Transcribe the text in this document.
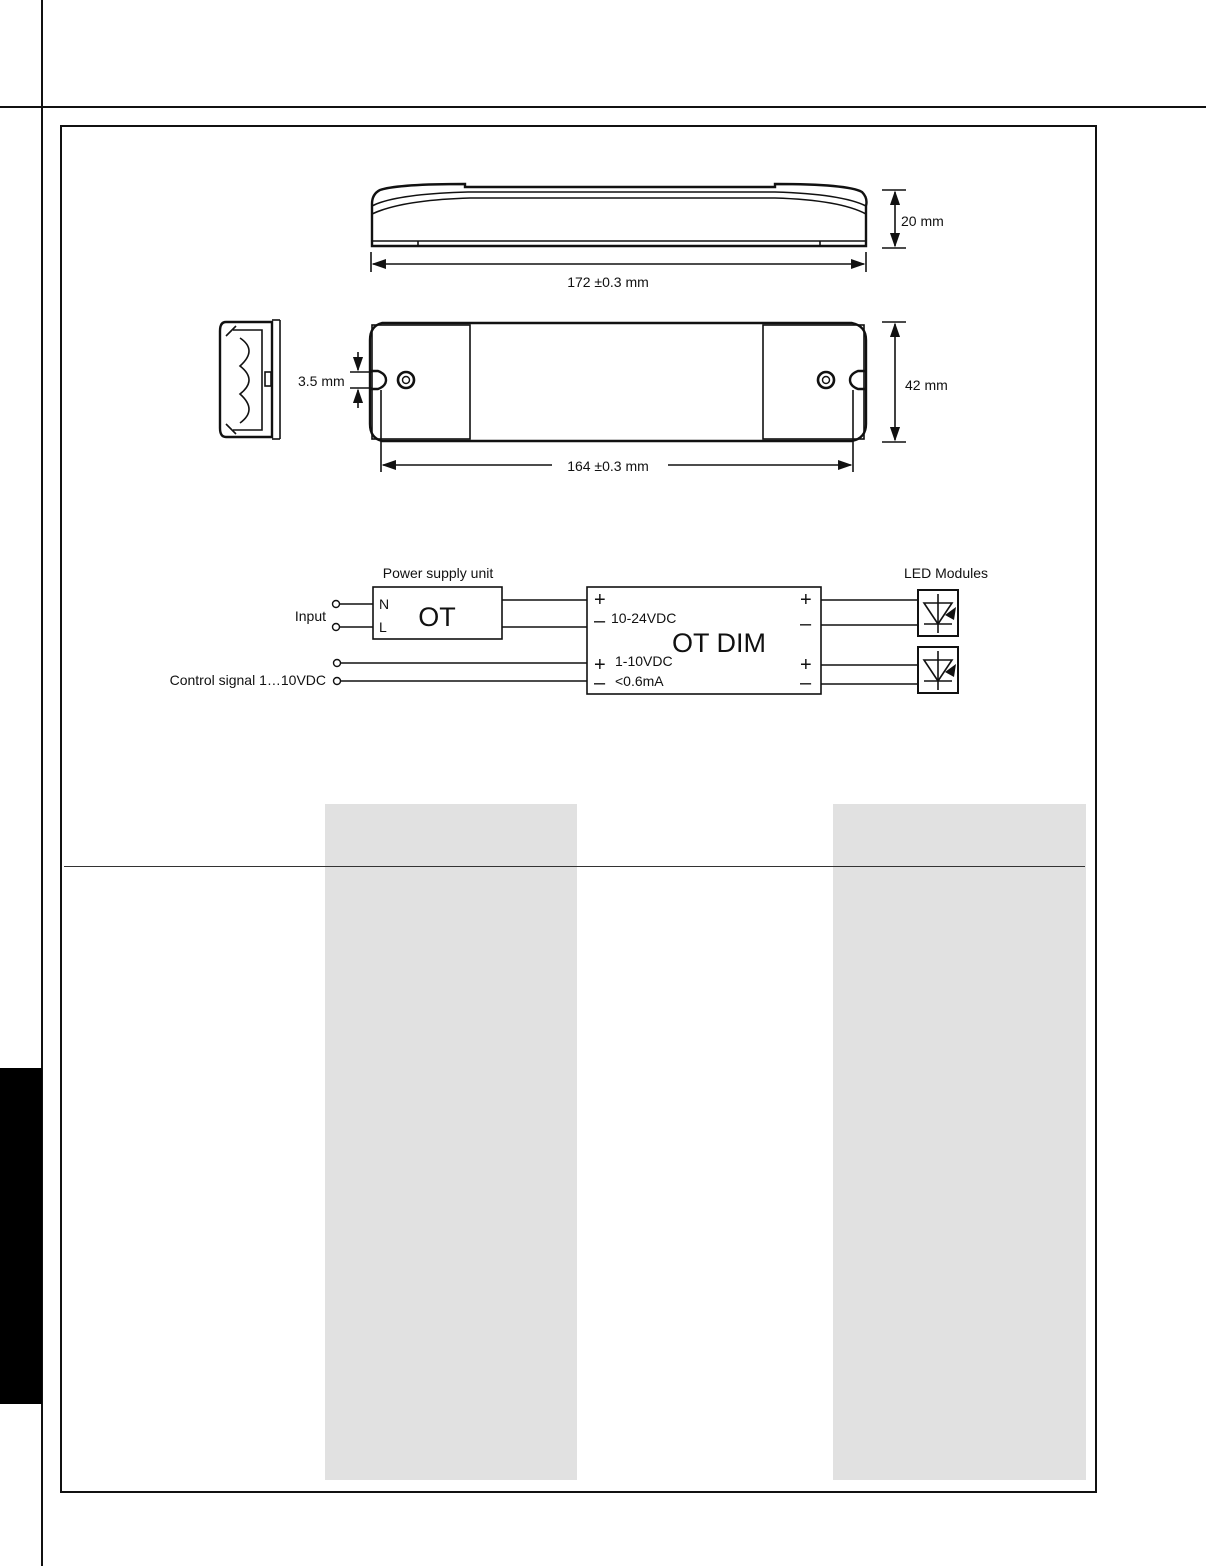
20 mm
172 ±0.3 mm
3.5 mm	42 mm
164 ±0.3 mm
Power supply unit
N
L OT
Input
Control signal 1…10VDC
+
– 10-24VDC
OT DIM
+
–
1-10VDC
<0.6mA
+
–
+
–
LED Modules
